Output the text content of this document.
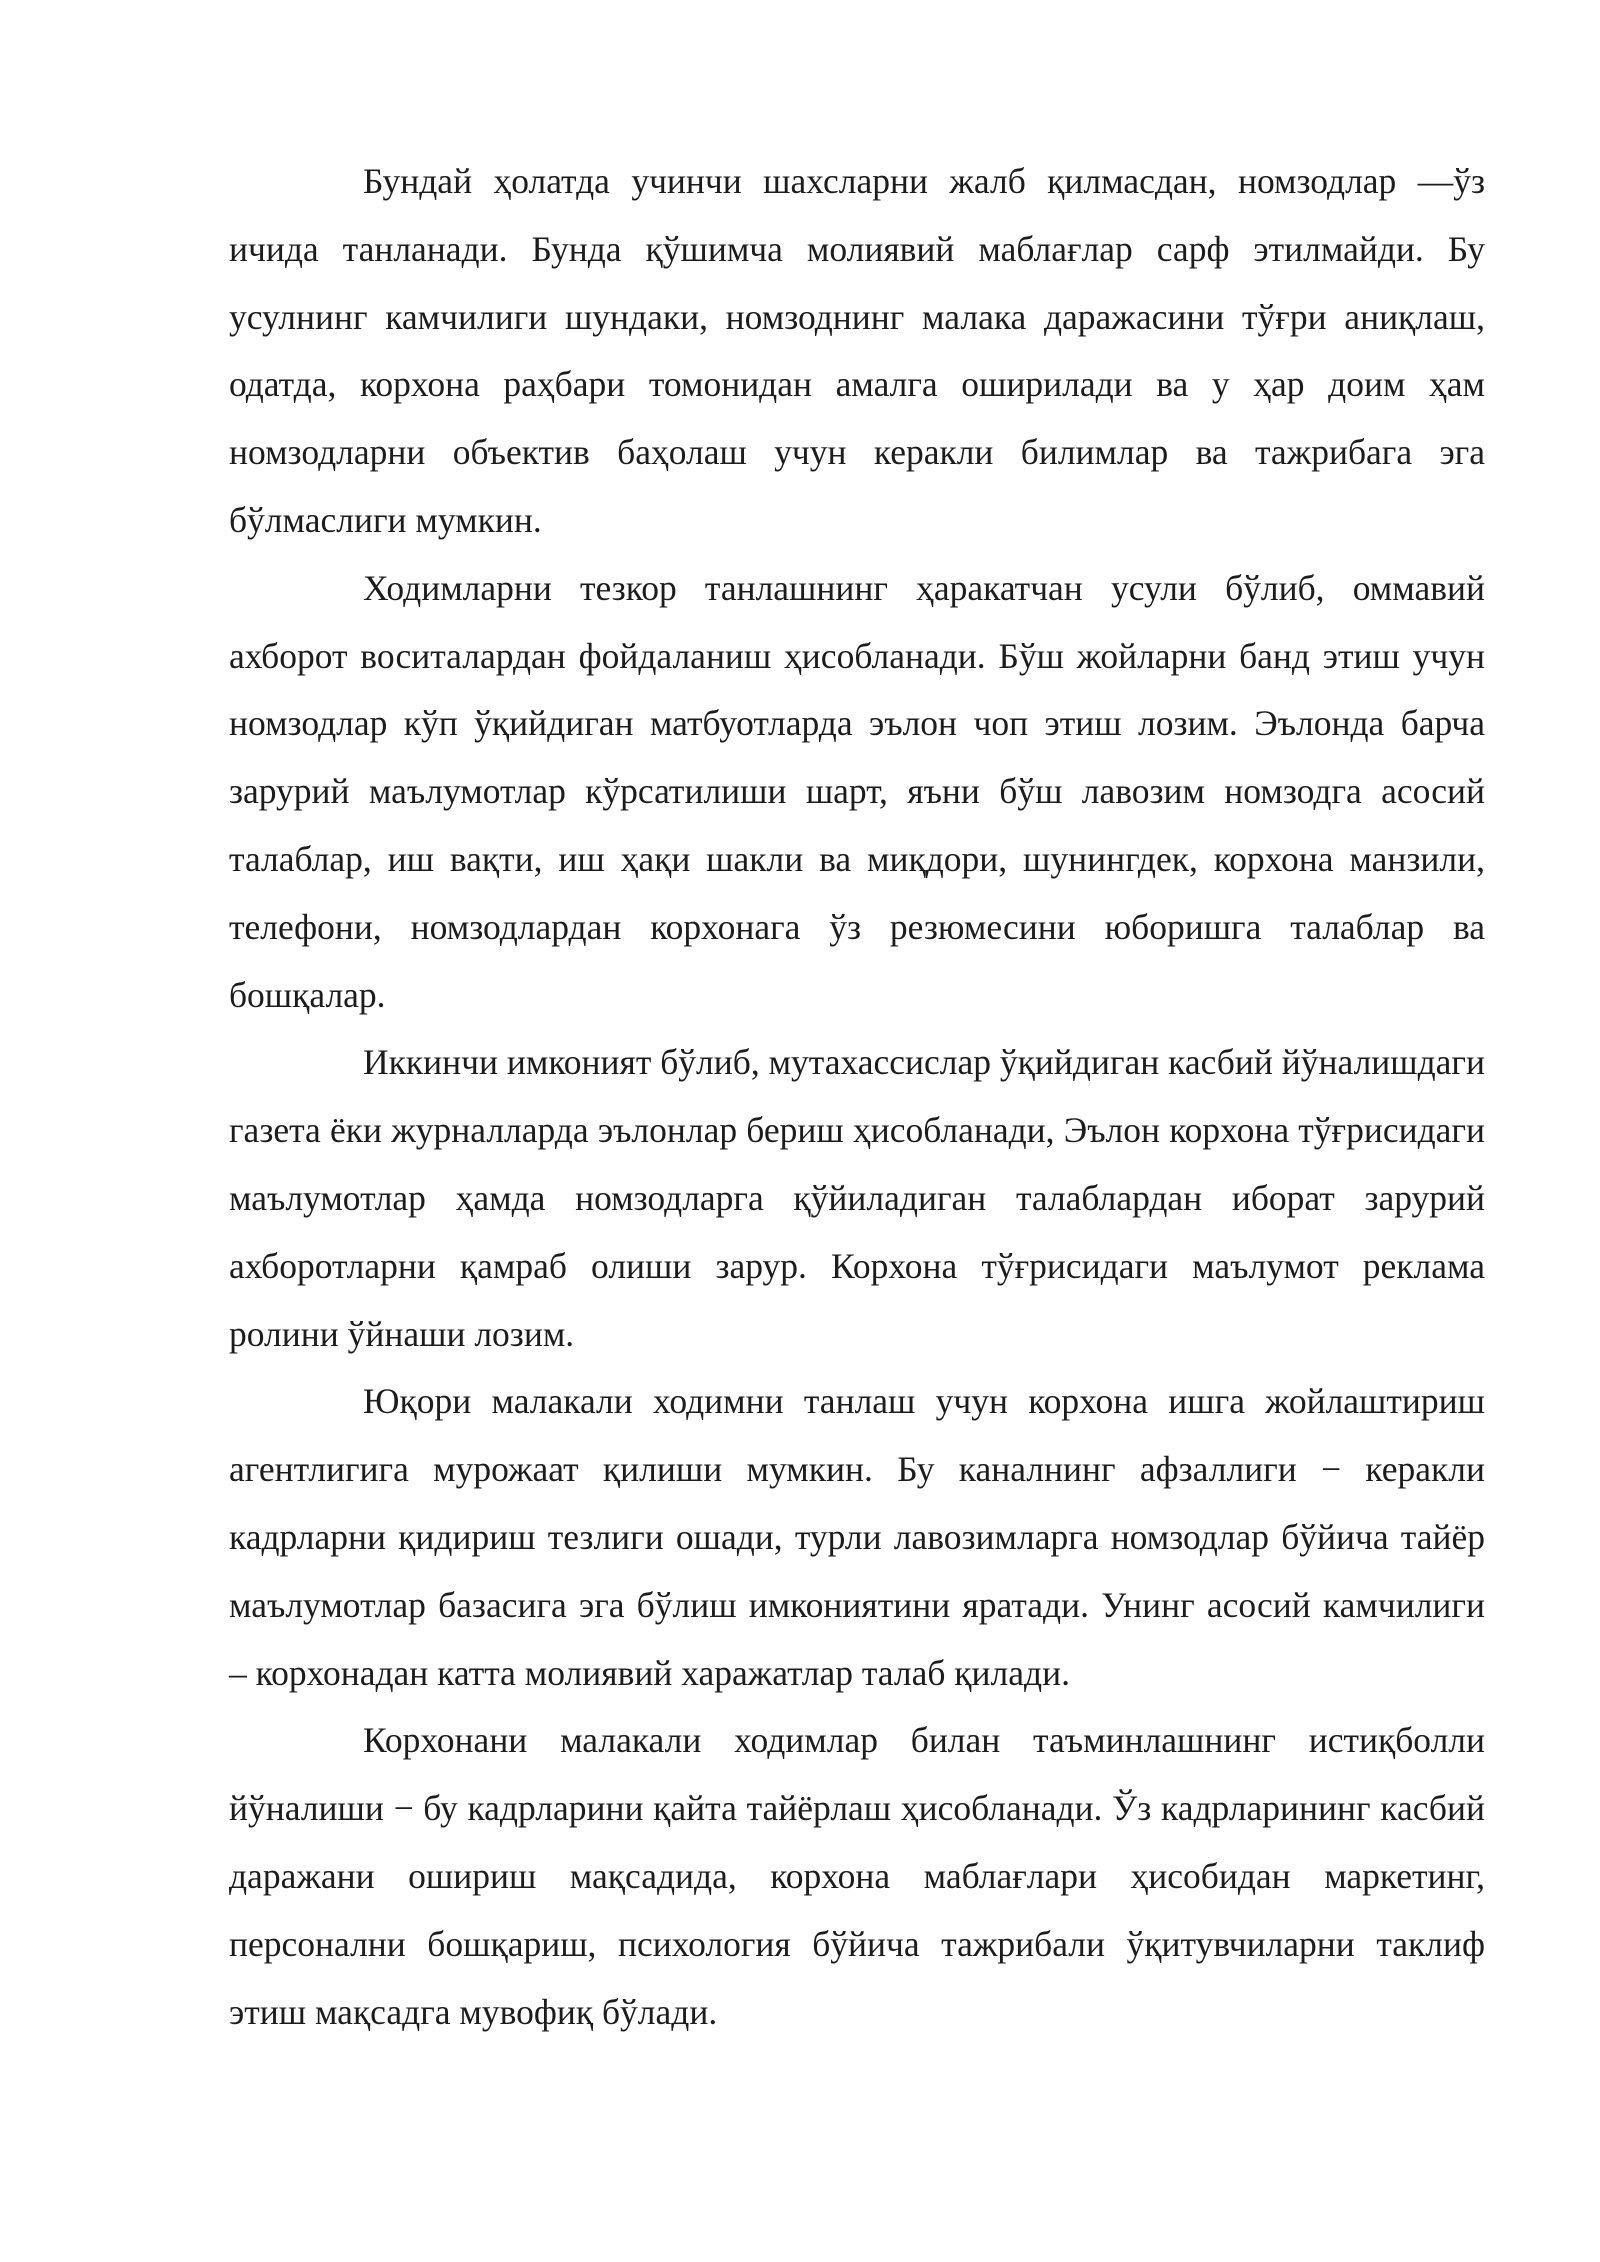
Бундай ҳолатда учинчи шахсларни жалб қилмасдан, номзодлар —ўз ичида танланади. Бунда қўшимча молиявий маблағлар сарф этилмайди. Бу усулнинг камчилиги шундаки, номзоднинг малака даражасини тўғри аниқлаш, одатда, корхона раҳбари томонидан амалга оширилади ва у ҳар доим ҳам номзодларни объектив баҳолаш учун керакли билимлар ва тажрибага эга бўлмаслиги мумкин.

Ходимларни тезкор танлашнинг ҳаракатчан усули бўлиб, оммавий ахборот воситалардан фойдаланиш ҳисобланади. Бўш жойларни банд этиш учун номзодлар кўп ўқийдиган матбуотларда эълон чоп этиш лозим. Эълонда барча зарурий маълумотлар кўрсатилиши шарт, яъни бўш лавозим номзодга асосий талаблар, иш вақти, иш ҳақи шакли ва миқдори, шунингдек, корхона манзили, телефони, номзодлардан корхонага ўз резюмесини юборишга талаблар ва бошқалар.

Иккинчи имконият бўлиб, мутахассислар ўқийдиган касбий йўналишдаги газета ёки журналларда эълонлар бериш ҳисобланади, Эълон корхона тўғрисидаги маълумотлар ҳамда номзодларга қўйиладиган талаблардан иборат зарурий ахборотларни қамраб олиши зарур. Корхона тўғрисидаги маълумот реклама ролини ўйнаши лозим.

Юқори малакали ходимни танлаш учун корхона ишга жойлаштириш агентлигига мурожаат қилиши мумкин. Бу каналнинг афзаллиги − керакли кадрларни қидириш тезлиги ошади, турли лавозимларга номзодлар бўйича тайёр маълумотлар базасига эга бўлиш имкониятини яратади. Унинг асосий камчилиги – корхонадан катта молиявий харажатлар талаб қилади.

Корхонани малакали ходимлар билан таъминлашнинг истиқболли йўналиши − бу кадрларини қайта тайёрлаш ҳисобланади. Ўз кадрларининг касбий даражани ошириш мақсадида, корхона маблағлари ҳисобидан маркетинг, персонални бошқариш, психология бўйича тажрибали ўқитувчиларни таклиф этиш мақсадга мувофиқ бўлади.
